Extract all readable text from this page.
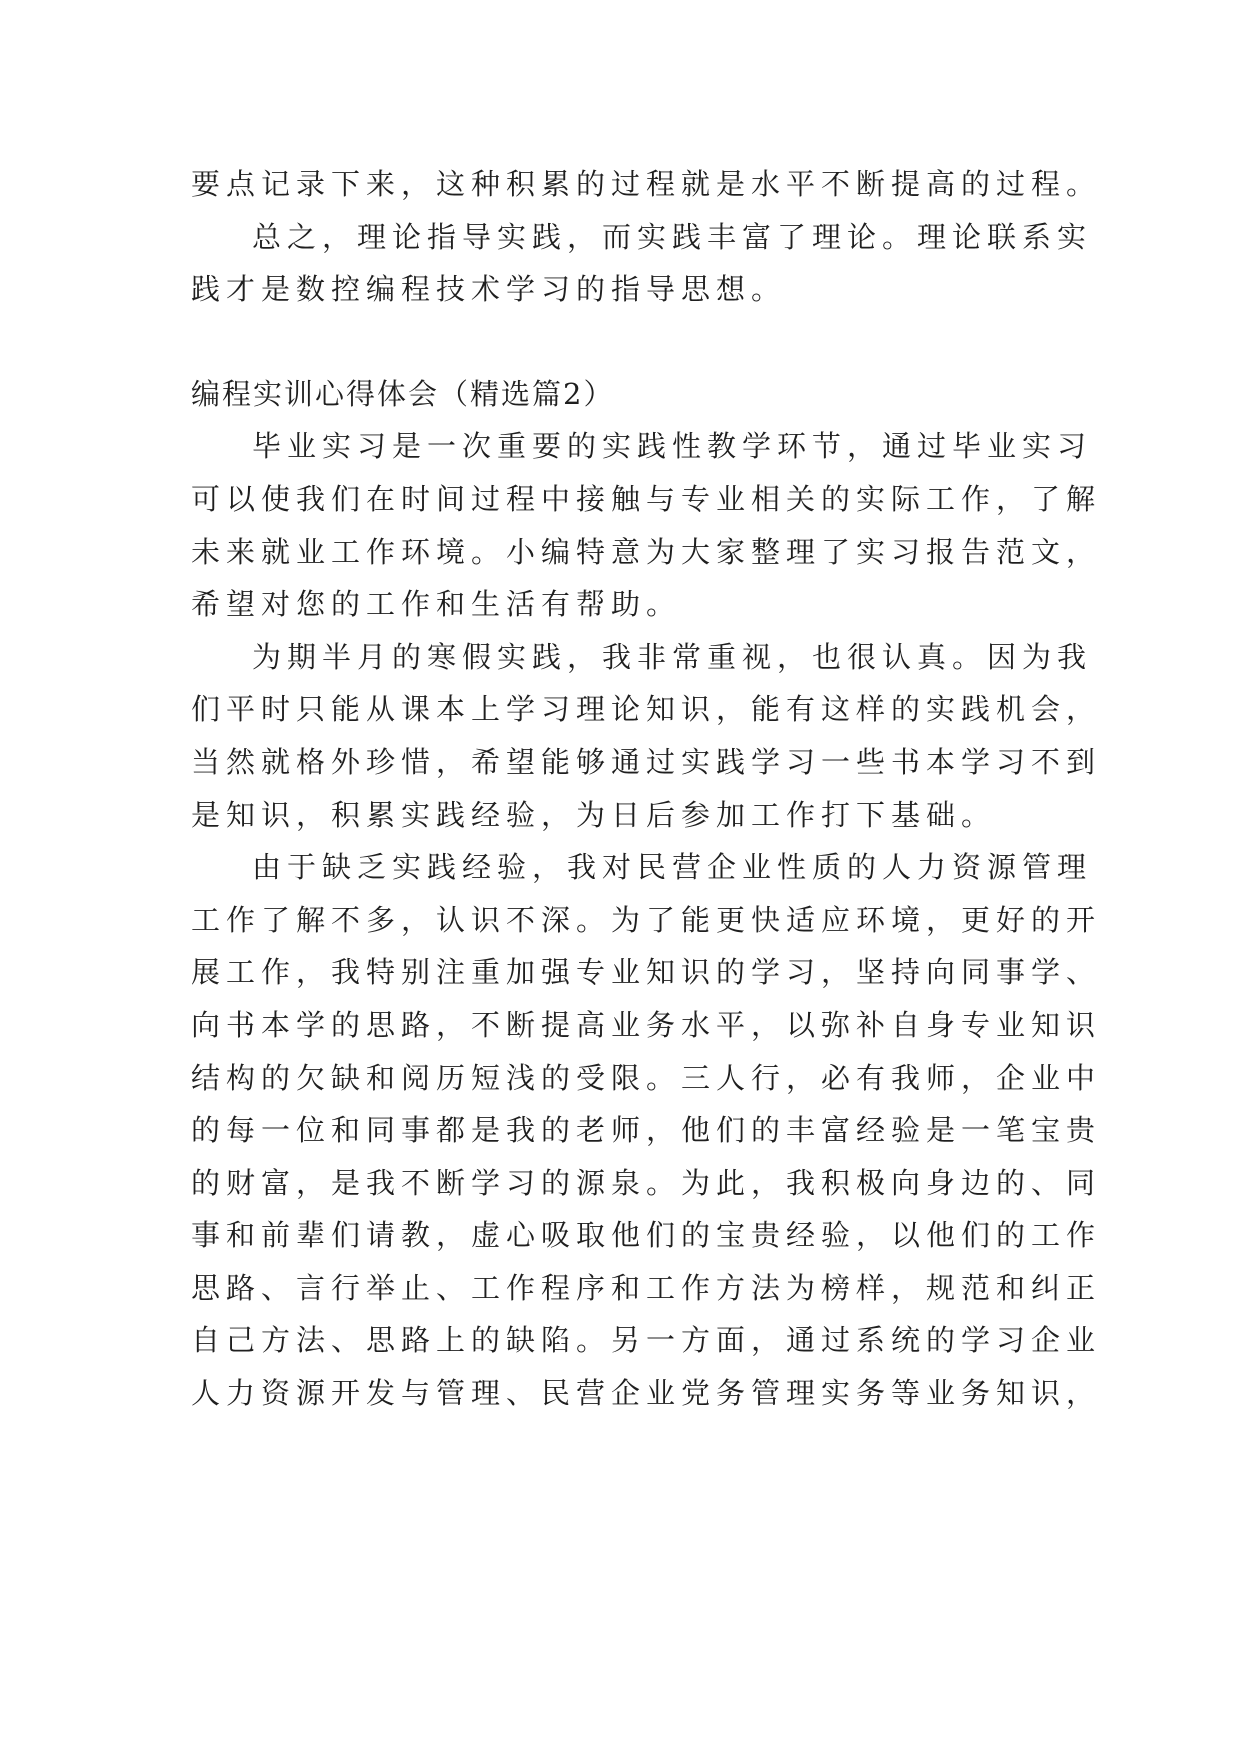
要点记录下来，这种积累的过程就是水平不断提高的过程。
总之，理论指导实践，而实践丰富了理论。理论联系实
践才是数控编程技术学习的指导思想。
编程实训心得体会（精选篇2）
毕业实习是一次重要的实践性教学环节，通过毕业实习
可以使我们在时间过程中接触与专业相关的实际工作，了解
未来就业工作环境。小编特意为大家整理了实习报告范文，
希望对您的工作和生活有帮助。
为期半月的寒假实践，我非常重视，也很认真。因为我
们平时只能从课本上学习理论知识，能有这样的实践机会，
当然就格外珍惜，希望能够通过实践学习一些书本学习不到
是知识，积累实践经验，为日后参加工作打下基础。
由于缺乏实践经验，我对民营企业性质的人力资源管理
工作了解不多，认识不深。为了能更快适应环境，更好的开
展工作，我特别注重加强专业知识的学习，坚持向同事学、
向书本学的思路，不断提高业务水平，以弥补自身专业知识
结构的欠缺和阅历短浅的受限。三人行，必有我师，企业中
的每一位和同事都是我的老师，他们的丰富经验是一笔宝贵
的财富，是我不断学习的源泉。为此，我积极向身边的、同
事和前辈们请教，虚心吸取他们的宝贵经验，以他们的工作
思路、言行举止、工作程序和工作方法为榜样，规范和纠正
自己方法、思路上的缺陷。另一方面，通过系统的学习企业
人力资源开发与管理、民营企业党务管理实务等业务知识，
